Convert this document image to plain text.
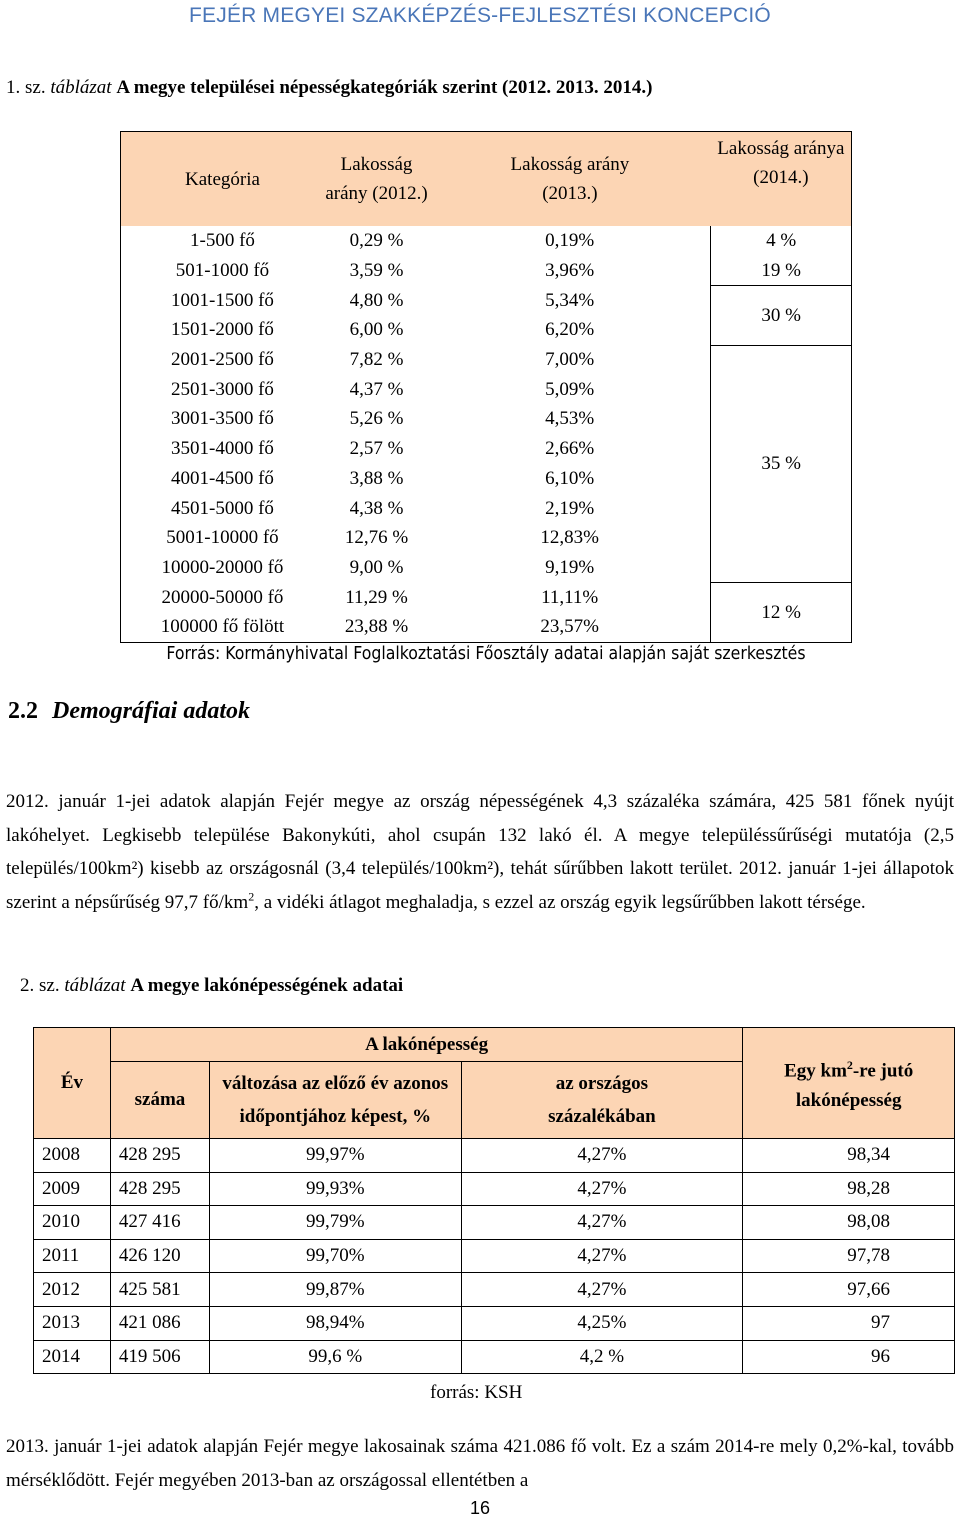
FEJÉR MEGYEI SZAKKÉPZÉS-FEJLESZTÉSI KONCEPCIÓ
1. sz. táblázat A megye települései népességkategóriák szerint (2012. 2013. 2014.)
Kategória	Lakosság arány (2012.)	Lakosság arány (2013.)	Lakosság aránya (2014.)
1-500 fő	0,29 %	0,19%	4 %
501-1000 fő	3,59 %	3,96%	19 %
1001-1500 fő	4,80 %	5,34%	30 %
1501-2000 fő	6,00 %	6,20%	
2001-2500 fő	7,82 %	7,00%	35 %
2501-3000 fő	4,37 %	5,09%	
3001-3500 fő	5,26 %	4,53%	
3501-4000 fő	2,57 %	2,66%	
4001-4500 fő	3,88 %	6,10%	
4501-5000 fő	4,38 %	2,19%	
5001-10000 fő	12,76 %	12,83%	
10000-20000 fő	9,00 %	9,19%	
20000-50000 fő	11,29 %	11,11%	12 %
100000 fő fölött	23,88 %	23,57%	
Forrás: Kormányhivatal Foglalkoztatási Főosztály adatai alapján saját szerkesztés
2.2 Demográfiai adatok
2012. január 1-jei adatok alapján Fejér megye az ország népességének 4,3 százaléka számára, 425 581 főnek nyújt lakóhelyet. Legkisebb települése Bakonykúti, ahol csupán 132 lakó él. A megye településsűrűségi mutatója (2,5 település/100km²) kisebb az országosnál (3,4 település/100km²), tehát sűrűbben lakott terület. 2012. január 1-jei állapotok szerint a népsűrűség 97,7 $fő/km^2$, a vidéki átlagot meghaladja, s ezzel az ország egyik legsűrűbben lakott térsége.
2. sz. táblázat A megye lakónépességének adatai
Év	A lakónépesség			Egy $km^2-re$ jutó lakónépesség
	száma	változása az előző év azonos időpontjához képest, %	az országos százalékában	
2008	428 295	99,97%	4,27%	98,34
2009	428 295	99,93%	4,27%	98,28
2010	427 416	99,79%	4,27%	98,08
2011	426 120	99,70%	4,27%	97,78
2012	425 581	99,87%	4,27%	97,66
2013	421 086	98,94%	4,25%	97
2014	419 506	99,6 %	4,2 %	96
forrás: KSH
2013. január 1-jei adatok alapján Fejér megye lakosainak száma 421.086 fő volt. Ez a szám 2014-re mely 0,2%-kal, tovább mérséklődött. Fejér megyében 2013-ban az országossal ellentétben a
16
